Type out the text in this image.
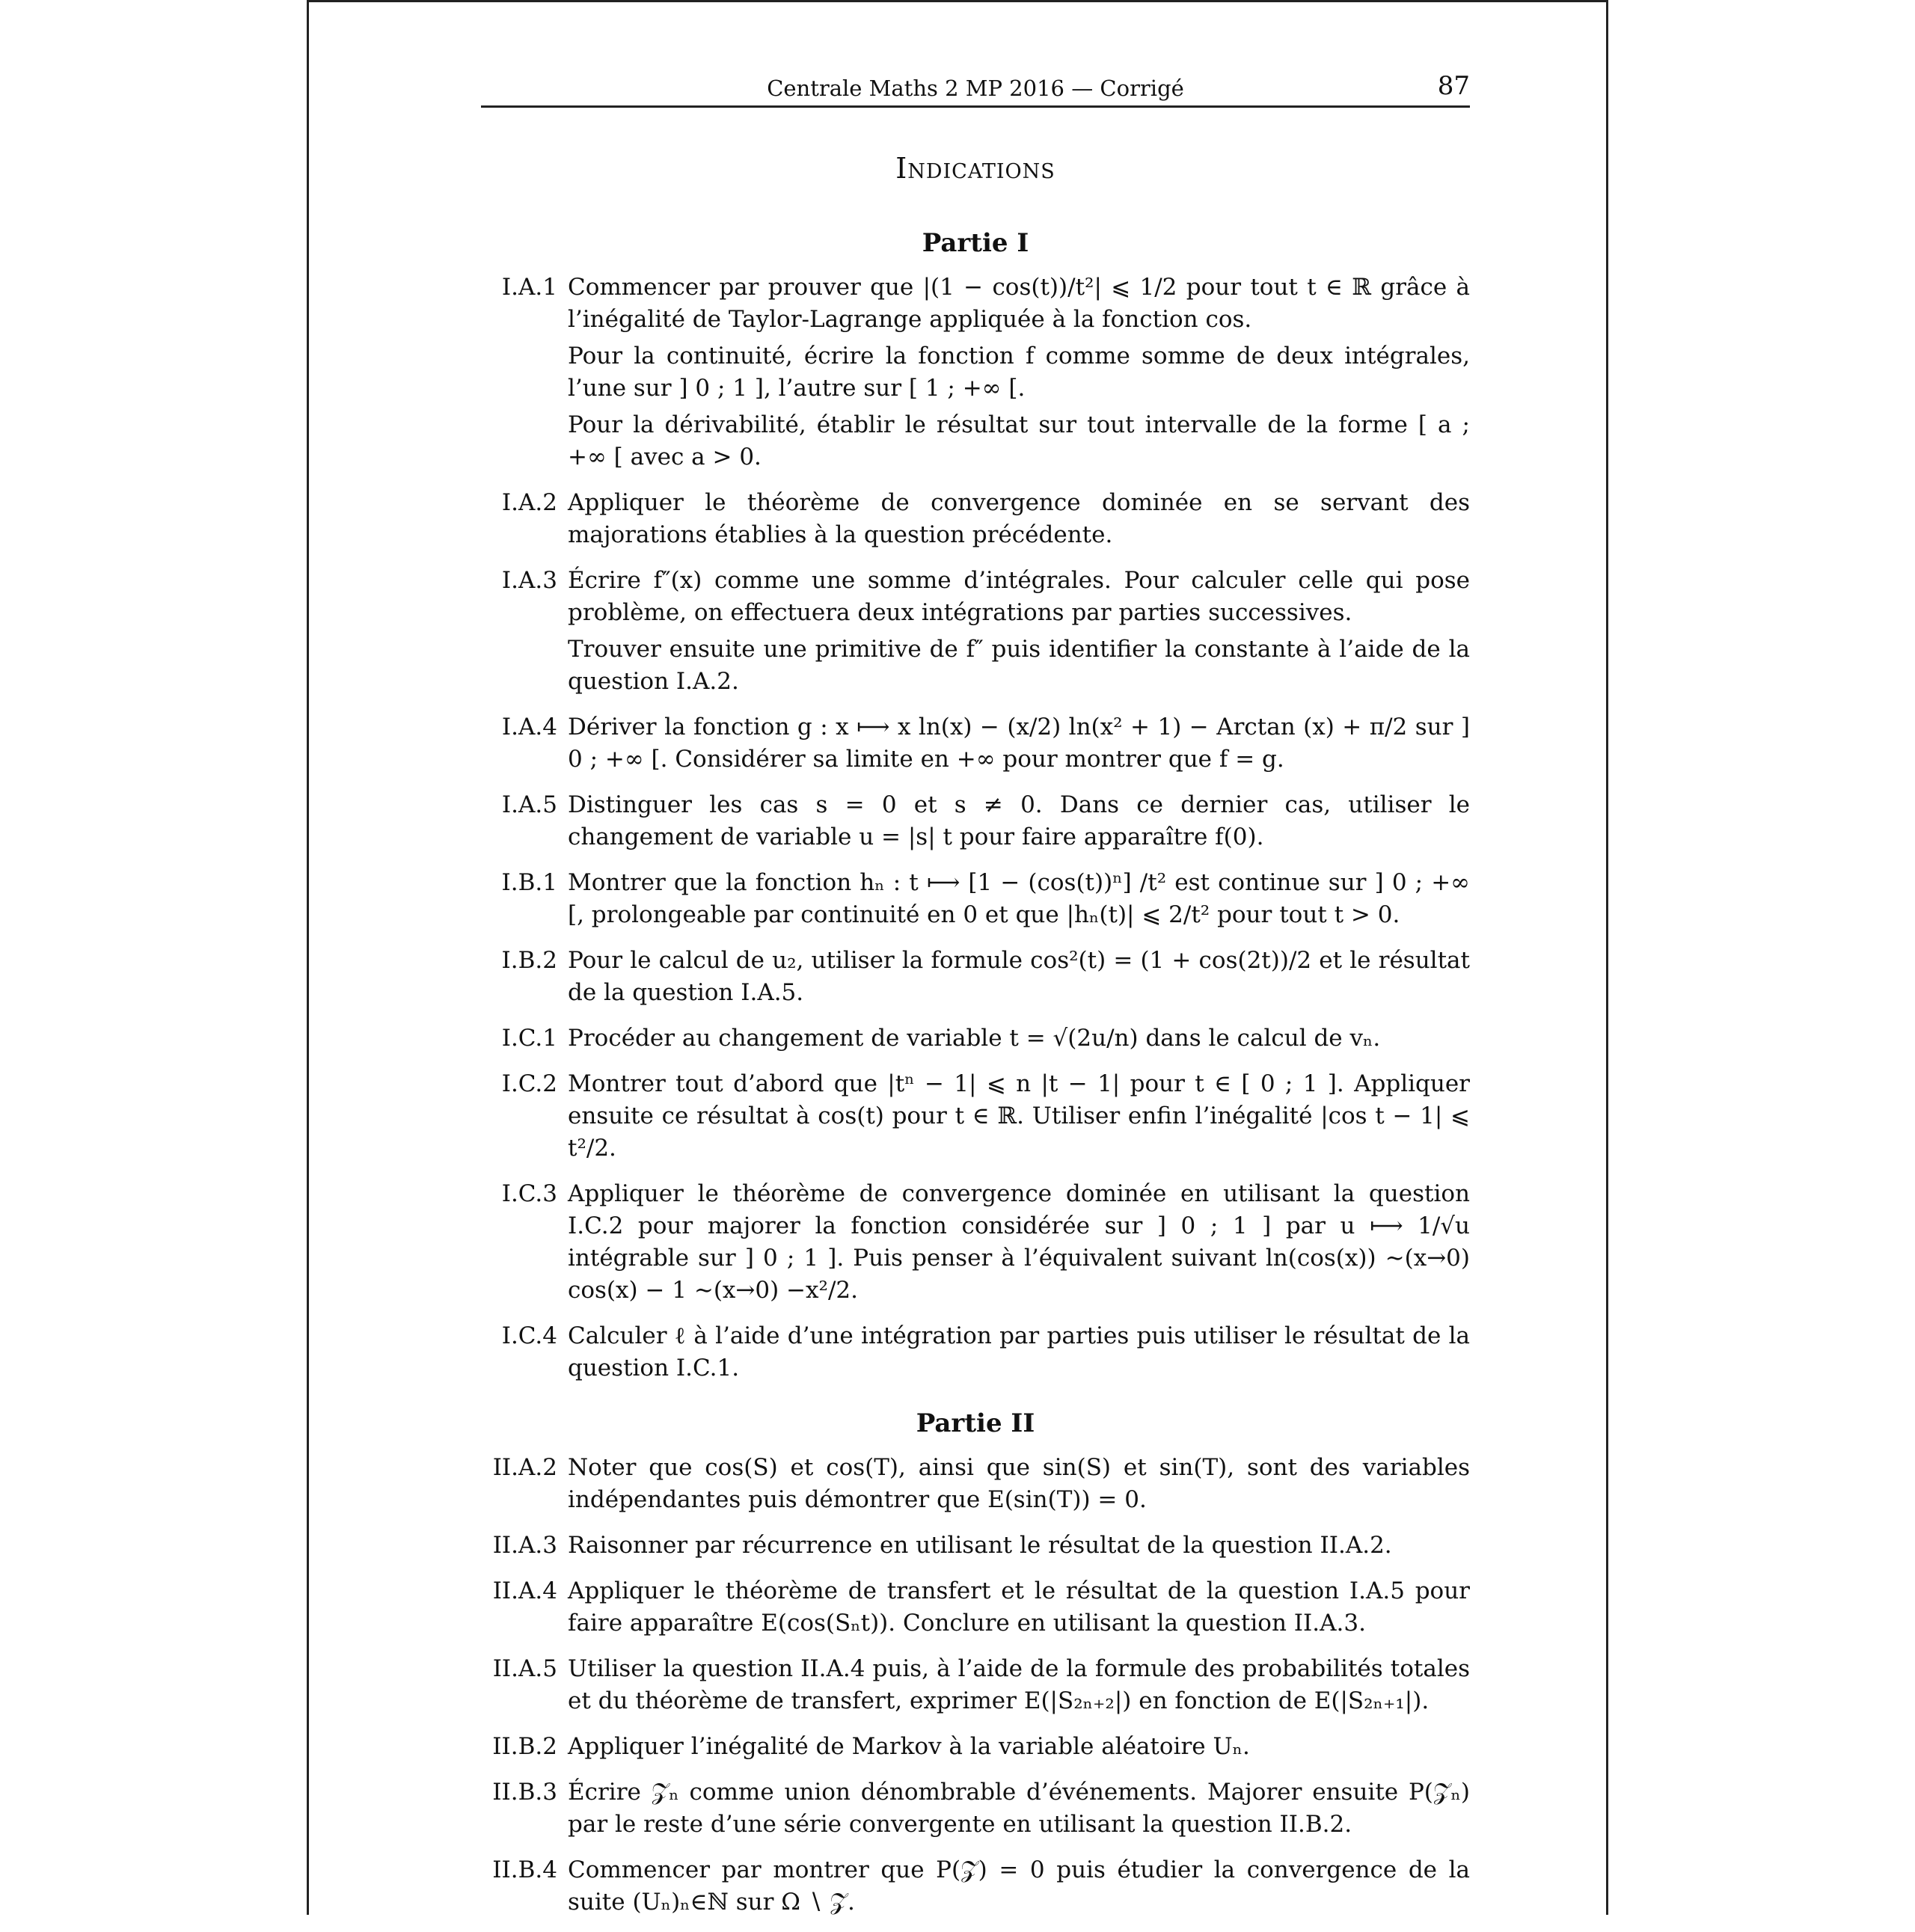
Centrale Maths 2 MP 2016 — Corrigé	87
Indications
Partie I
I.A.1 Commencer par prouver que |(1 − cos(t))/t²| ⩽ 1/2 pour tout t ∈ ℝ grâce à l’inégalité de Taylor-Lagrange appliquée à la fonction cos.

Pour la continuité, écrire la fonction f comme somme de deux intégrales, l’une sur ] 0 ; 1 ], l’autre sur [ 1 ; +∞ [.

Pour la dérivabilité, établir le résultat sur tout intervalle de la forme [ a ; +∞ [ avec a > 0.

I.A.2 Appliquer le théorème de convergence dominée en se servant des majorations établies à la question précédente.

I.A.3 Écrire f″(x) comme une somme d’intégrales. Pour calculer celle qui pose problème, on effectuera deux intégrations par parties successives.

Trouver ensuite une primitive de f″ puis identifier la constante à l’aide de la question I.A.2.

I.A.4 Dériver la fonction g : x ⟼ x ln(x) − (x/2) ln(x² + 1) − Arctan (x) + π/2 sur ] 0 ; +∞ [. Considérer sa limite en +∞ pour montrer que f = g.

I.A.5 Distinguer les cas s = 0 et s ≠ 0. Dans ce dernier cas, utiliser le changement de variable u = |s| t pour faire apparaître f(0).

I.B.1 Montrer que la fonction hₙ : t ⟼ [1 − (cos(t))ⁿ] /t² est continue sur ] 0 ; +∞ [, prolongeable par continuité en 0 et que |hₙ(t)| ⩽ 2/t² pour tout t > 0.

I.B.2 Pour le calcul de u₂, utiliser la formule cos²(t) = (1 + cos(2t))/2 et le résultat de la question I.A.5.

I.C.1 Procéder au changement de variable t = √(2u/n) dans le calcul de vₙ.

I.C.2 Montrer tout d’abord que |tⁿ − 1| ⩽ n |t − 1| pour t ∈ [ 0 ; 1 ]. Appliquer ensuite ce résultat à cos(t) pour t ∈ ℝ. Utiliser enfin l’inégalité |cos t − 1| ⩽ t²/2.

I.C.3 Appliquer le théorème de convergence dominée en utilisant la question I.C.2 pour majorer la fonction considérée sur ] 0 ; 1 ] par u ⟼ 1/√u intégrable sur ] 0 ; 1 ]. Puis penser à l’équivalent suivant ln(cos(x)) ∼(x→0) cos(x) − 1 ∼(x→0) −x²/2.

I.C.4 Calculer ℓ à l’aide d’une intégration par parties puis utiliser le résultat de la question I.C.1.

Partie II
II.A.2 Noter que cos(S) et cos(T), ainsi que sin(S) et sin(T), sont des variables indépendantes puis démontrer que E(sin(T)) = 0.

II.A.3 Raisonner par récurrence en utilisant le résultat de la question II.A.2.

II.A.4 Appliquer le théorème de transfert et le résultat de la question I.A.5 pour faire apparaître E(cos(Sₙt)). Conclure en utilisant la question II.A.3.

II.A.5 Utiliser la question II.A.4 puis, à l’aide de la formule des probabilités totales et du théorème de transfert, exprimer E(|S₂ₙ₊₂|) en fonction de E(|S₂ₙ₊₁|).

II.B.2 Appliquer l’inégalité de Markov à la variable aléatoire Uₙ.

II.B.3 Écrire 𝒵ₙ comme union dénombrable d’événements. Majorer ensuite P(𝒵ₙ) par le reste d’une série convergente en utilisant la question II.B.2.

II.B.4 Commencer par montrer que P(𝒵) = 0 puis étudier la convergence de la suite (Uₙ)ₙ∈ℕ sur Ω ∖ 𝒵.
